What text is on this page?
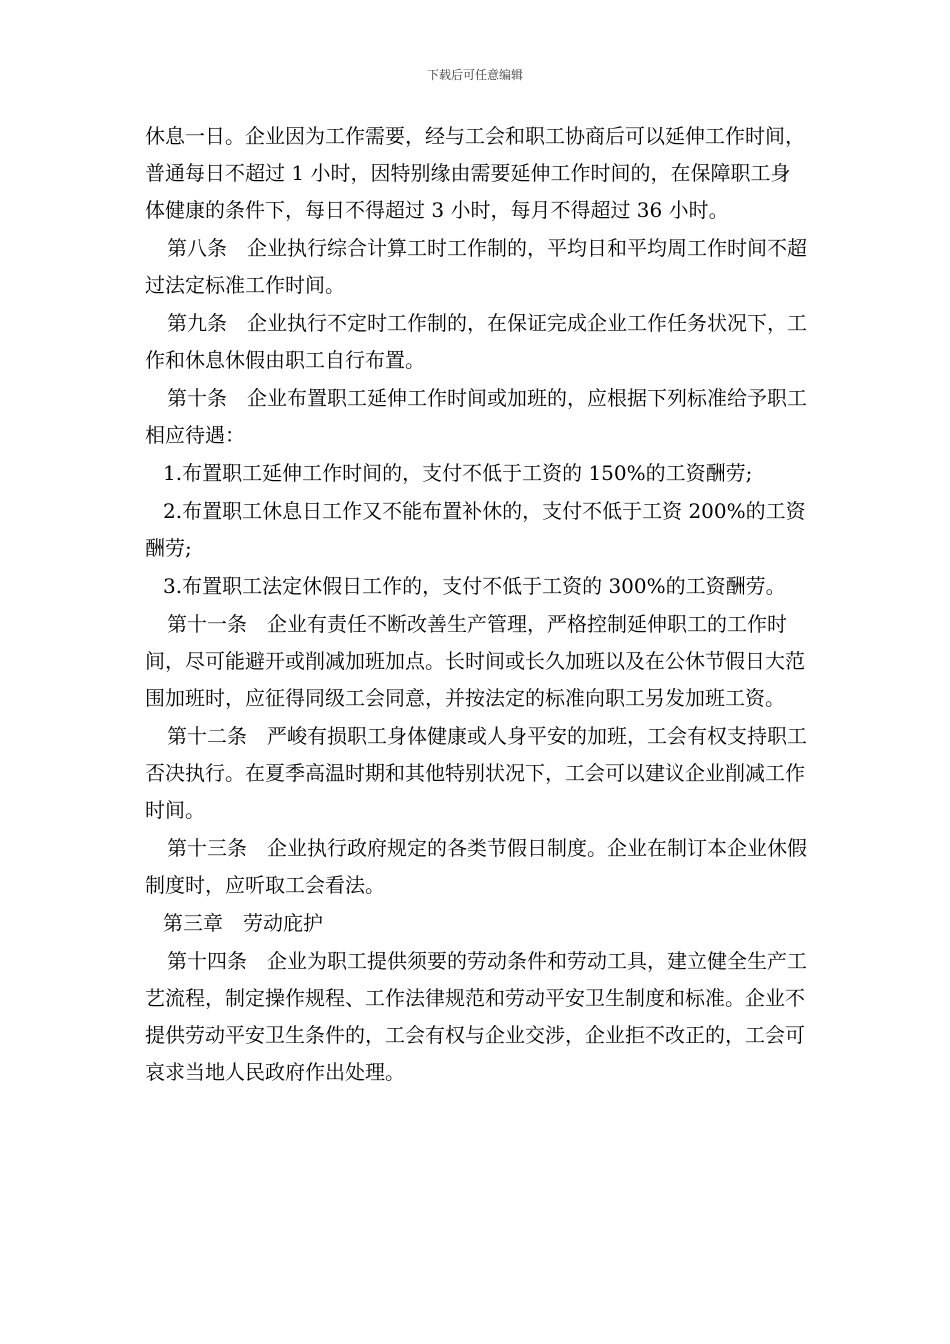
下载后可任意编辑

休息一日。企业因为工作需要，经与工会和职工协商后可以延伸工作时间，普通每日不超过 1 小时，因特别缘由需要延伸工作时间的，在保障职工身体健康的条件下，每日不得超过 3 小时，每月不得超过 36 小时。

第八条　企业执行综合计算工时工作制的，平均日和平均周工作时间不超过法定标准工作时间。

第九条　企业执行不定时工作制的，在保证完成企业工作任务状况下，工作和休息休假由职工自行布置。

第十条　企业布置职工延伸工作时间或加班的，应根据下列标准给予职工相应待遇：

1.布置职工延伸工作时间的，支付不低于工资的 150%的工资酬劳;

2.布置职工休息日工作又不能布置补休的，支付不低于工资 200%的工资酬劳;

3.布置职工法定休假日工作的，支付不低于工资的 300%的工资酬劳。

第十一条　企业有责任不断改善生产管理，严格控制延伸职工的工作时间，尽可能避开或削减加班加点。长时间或长久加班以及在公休节假日大范围加班时，应征得同级工会同意，并按法定的标准向职工另发加班工资。

第十二条　严峻有损职工身体健康或人身平安的加班，工会有权支持职工否决执行。在夏季高温时期和其他特别状况下，工会可以建议企业削减工作时间。

第十三条　企业执行政府规定的各类节假日制度。企业在制订本企业休假制度时，应听取工会看法。

第三章　劳动庇护

第十四条　企业为职工提供须要的劳动条件和劳动工具，建立健全生产工艺流程，制定操作规程、工作法律规范和劳动平安卫生制度和标准。企业不提供劳动平安卫生条件的，工会有权与企业交涉，企业拒不改正的，工会可哀求当地人民政府作出处理。
